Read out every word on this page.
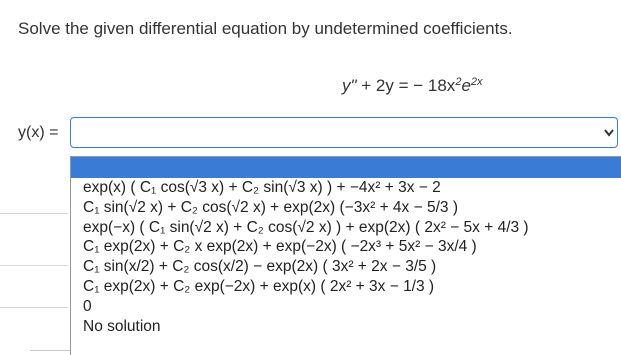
Solve the given differential equation by undetermined coefficients.
y" + 2y = − $18x^2e^{2x}$
y(x) =
exp(x) ( C₁ cos(√3 x) + C₂ sin(√3 x) ) + −4x² + 3x − 2
C₁ sin(√2 x) + C₂ cos(√2 x) + exp(2x) (−3x² + 4x − 5/3 )
exp(−x) ( C₁ sin(√2 x) + C₂ cos(√2 x) ) + exp(2x) ( 2x² − 5x + 4/3 )
C₁ exp(2x) + C₂ x exp(2x) + exp(−2x) ( −2x³ + 5x² − 3x/4 )
C₁ sin(x/2) + C₂ cos(x/2) − exp(2x) ( 3x² + 2x − 3/5 )
C₁ exp(2x) + C₂ exp(−2x) + exp(x) ( 2x² + 3x − 1/3 )
0
No solution
